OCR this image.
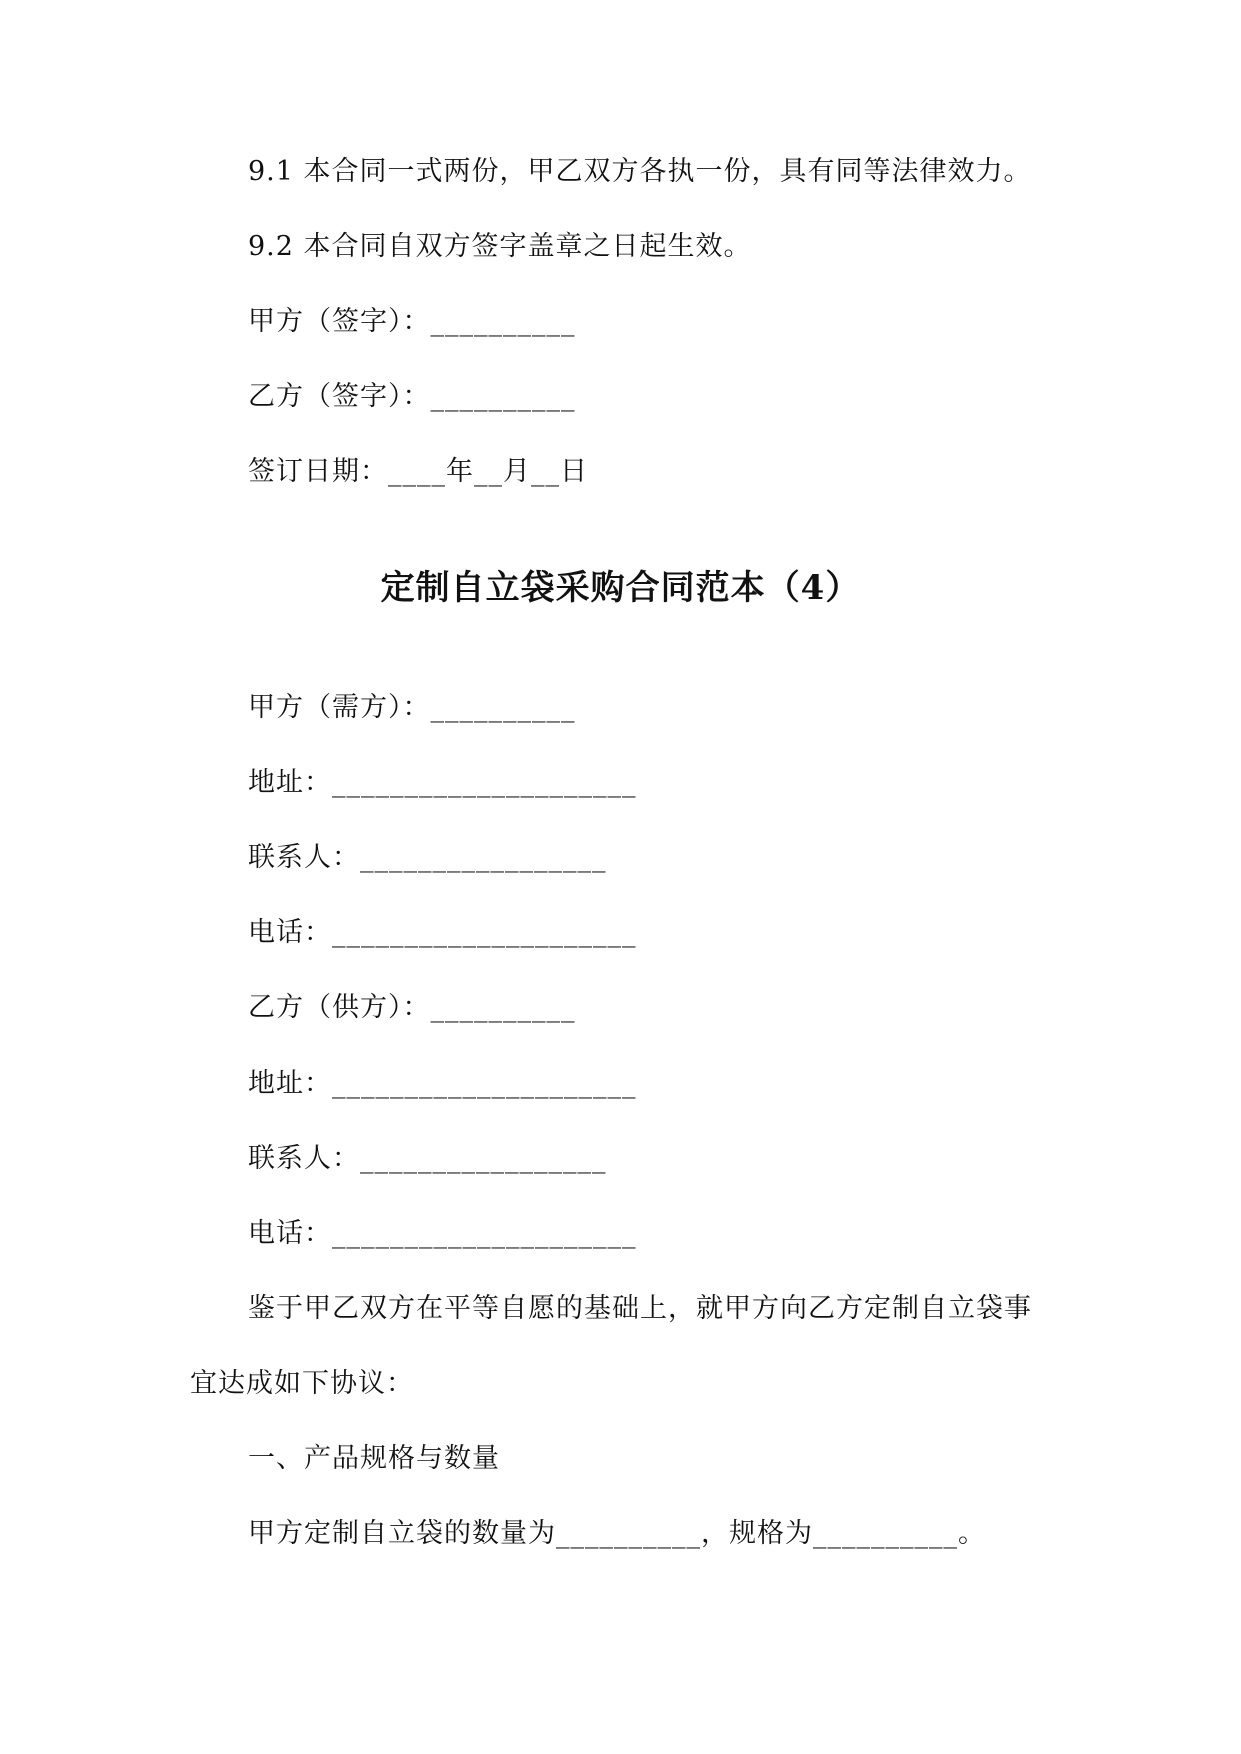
9.1 本合同一式两份，甲乙双方各执一份，具有同等法律效力。
9.2 本合同自双方签字盖章之日起生效。
甲方（签字）：__________
乙方（签字）：__________
签订日期：____年__月__日
定制自立袋采购合同范本（4）
甲方（需方）：__________
地址：_____________________
联系人：_________________
电话：_____________________
乙方（供方）：__________
地址：_____________________
联系人：_________________
电话：_____________________
鉴于甲乙双方在平等自愿的基础上，就甲方向乙方定制自立袋事
宜达成如下协议：
一、产品规格与数量
甲方定制自立袋的数量为__________，规格为__________。
